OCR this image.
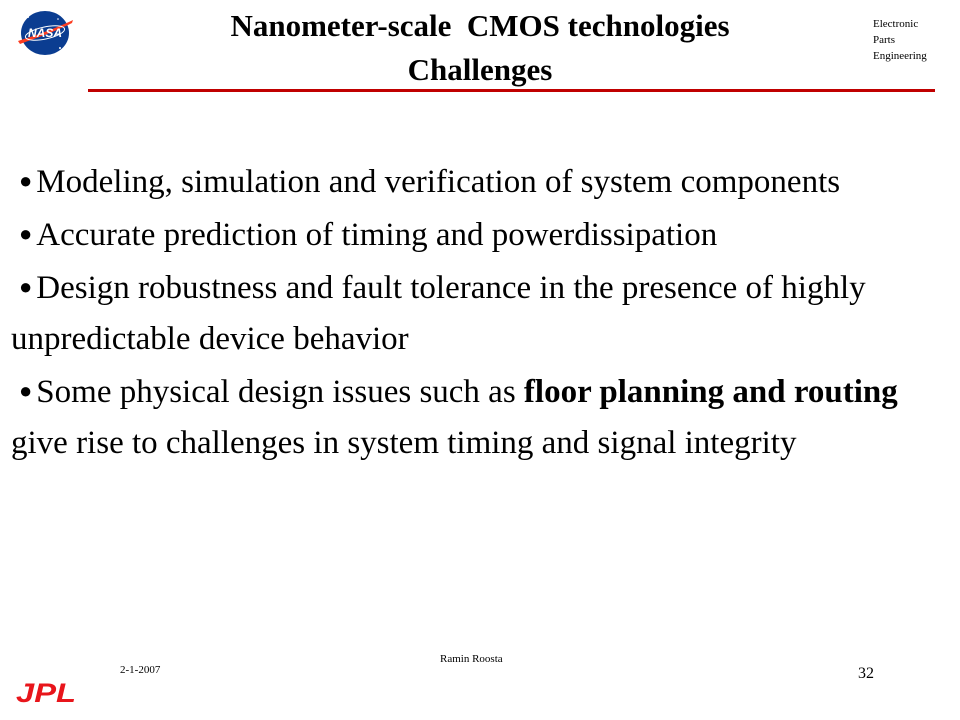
NASA	Nanometer-scale  CMOS technologies
Challenges
Electronic
Parts
Engineering

● Modeling, simulation and verification of system components

● Accurate prediction of timing and powerdissipation

● Design robustness and fault tolerance in the presence of highly unpredictable device behavior

● Some physical design issues such as floor planning and routing give rise to challenges in system timing and signal integrity

2-1-2007
Ramin Roosta
32
JPL
